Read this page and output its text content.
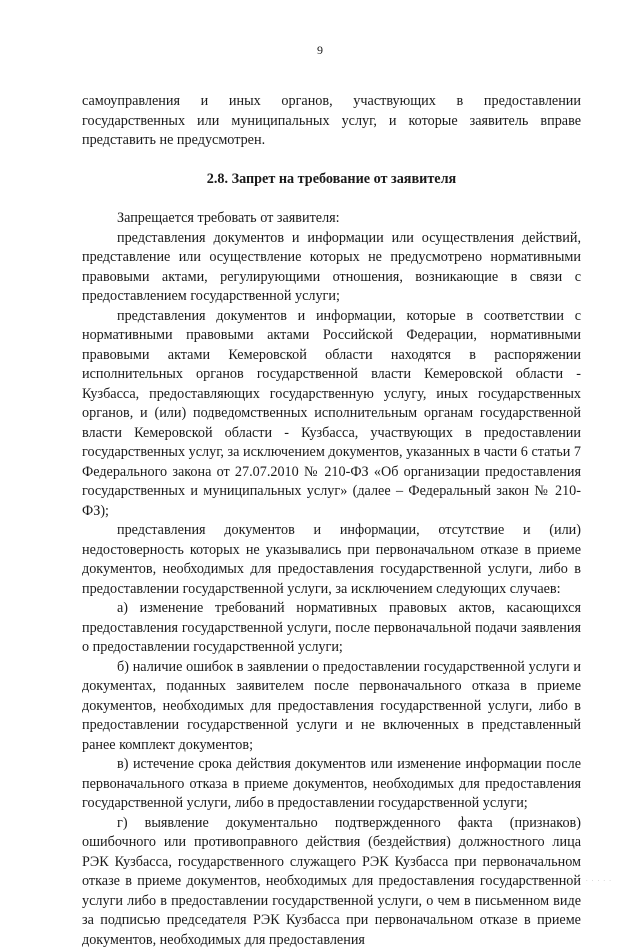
9

самоуправления и иных органов, участвующих в предоставлении государственных или муниципальных услуг, и которые заявитель вправе представить не предусмотрен.

2.8. Запрет на требование от заявителя

Запрещается требовать от заявителя:

представления документов и информации или осуществления действий, представление или осуществление которых не предусмотрено нормативными правовыми актами, регулирующими отношения, возникающие в связи с предоставлением государственной услуги;

представления документов и информации, которые в соответствии с нормативными правовыми актами Российской Федерации, нормативными правовыми актами Кемеровской области находятся в распоряжении исполнительных органов государственной власти Кемеровской области - Кузбасса, предоставляющих государственную услугу, иных государственных органов, и (или) подведомственных исполнительным органам государственной власти Кемеровской области - Кузбасса, участвующих в предоставлении государственных услуг, за исключением документов, указанных в части 6 статьи 7 Федерального закона от 27.07.2010 № 210-ФЗ «Об организации предоставления государственных и муниципальных услуг» (далее – Федеральный закон № 210-ФЗ);

представления документов и информации, отсутствие и (или) недостоверность которых не указывались при первоначальном отказе в приеме документов, необходимых для предоставления государственной услуги, либо в предоставлении государственной услуги, за исключением следующих случаев:

а) изменение требований нормативных правовых актов, касающихся предоставления государственной услуги, после первоначальной подачи заявления о предоставлении государственной услуги;

б) наличие ошибок в заявлении о предоставлении государственной услуги и документах, поданных заявителем после первоначального отказа в приеме документов, необходимых для предоставления государственной услуги, либо в предоставлении государственной услуги и не включенных в представленный ранее комплект документов;

в) истечение срока действия документов или изменение информации после первоначального отказа в приеме документов, необходимых для предоставления государственной услуги, либо в предоставлении государственной услуги;

г) выявление документально подтвержденного факта (признаков) ошибочного или противоправного действия (бездействия) должностного лица РЭК Кузбасса, государственного служащего РЭК Кузбасса при первоначальном отказе в приеме документов, необходимых для предоставления государственной услуги либо в предоставлении государственной услуги, о чем в письменном виде за подписью председателя РЭК Кузбасса при первоначальном отказе в приеме документов, необходимых для предоставления

. . . . .
